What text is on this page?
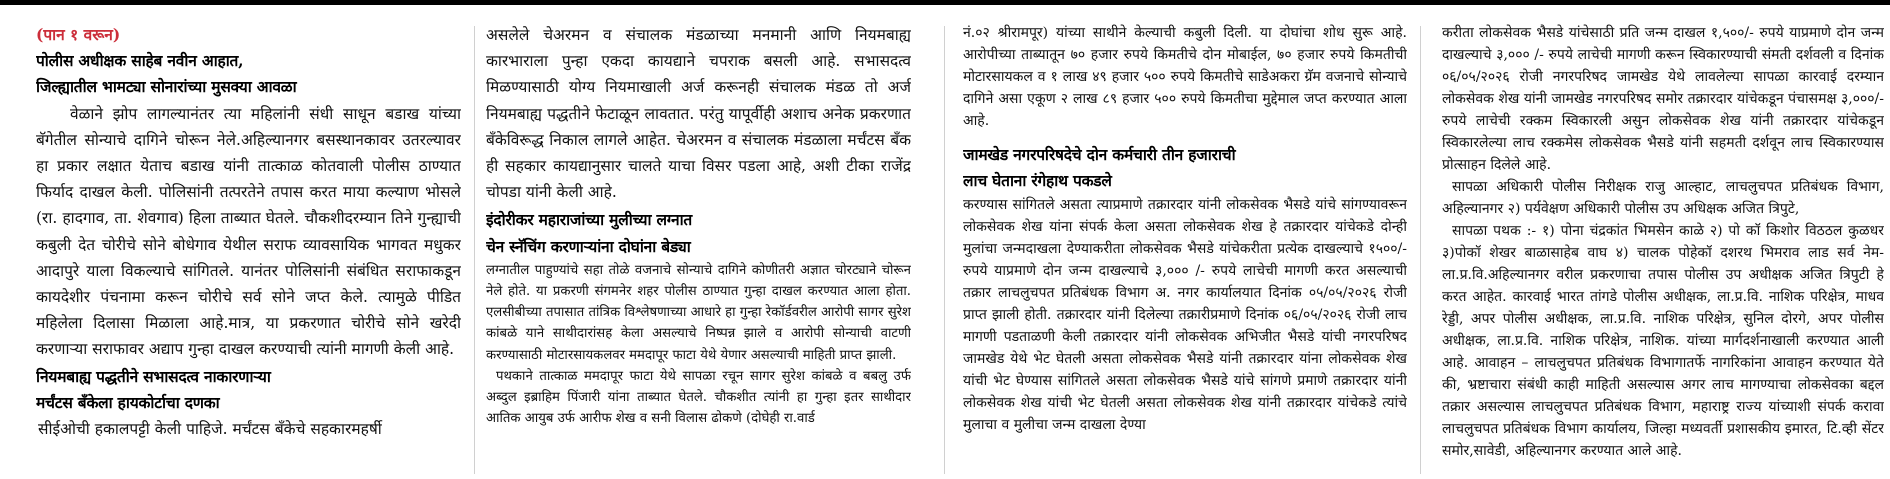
(पान १ वरून)

पोलीस अधीक्षक साहेब नवीन आहात,

जिल्ह्यातील भामट्या सोनारांच्या मुसक्या आवळा

वेळाने झोप लागल्यानंतर त्या महिलांनी संधी साधून बडाख यांच्या बॅगेतील सोन्याचे दागिने चोरून नेले.अहिल्यानगर बसस्थानकावर उतरल्यावर हा प्रकार लक्षात येताच बडाख यांनी तात्काळ कोतवाली पोलीस ठाण्यात फिर्याद दाखल केली. पोलिसांनी तत्परतेने तपास करत माया कल्याण भोसले (रा. हादगाव, ता. शेवगाव) हिला ताब्यात घेतले. चौकशीदरम्यान तिने गुन्ह्याची कबुली देत चोरीचे सोने बोधेगाव येथील सराफ व्यावसायिक भागवत मधुकर आदापुरे याला विकल्याचे सांगितले. यानंतर पोलिसांनी संबंधित सराफाकडून कायदेशीर पंचनामा करून चोरीचे सर्व सोने जप्त केले. त्यामुळे पीडित महिलेला दिलासा मिळाला आहे.मात्र, या प्रकरणात चोरीचे सोने खरेदी करणाऱ्या सराफावर अद्याप गुन्हा दाखल करण्याची त्यांनी मागणी केली आहे.

नियमबाह्य पद्धतीने सभासदत्व नाकारणाऱ्या

मर्चंटस बँकेला हायकोर्टाचा दणका

सीईओची हकालपट्टी केली पाहिजे. मर्चंटस बँकेचे सहकारमहर्षी

असलेले चेअरमन व संचालक मंडळाच्या मनमानी आणि नियमबाह्य कारभाराला पुन्हा एकदा कायद्याने चपराक बसली आहे. सभासदत्व मिळण्यासाठी योग्य नियमाखाली अर्ज करूनही संचालक मंडळ तो अर्ज नियमबाह्य पद्धतीने फेटाळून लावतात. परंतु यापूर्वीही अशाच अनेक प्रकरणात बँकेविरूद्ध निकाल लागले आहेत. चेअरमन व संचालक मंडळाला मर्चंटस बँक ही सहकार कायद्यानुसार चालते याचा विसर पडला आहे, अशी टीका राजेंद्र चोपडा यांनी केली आहे.

इंदोरीकर महाराजांच्या मुलीच्या लग्नात

चेन स्नॅचिंग करणाऱ्यांना दोघांना बेड्या

लग्नातील पाहुण्यांचे सहा तोळे वजनाचे सोन्याचे दागिने कोणीतरी अज्ञात चोरट्याने चोरून नेले होते. या प्रकरणी संगमनेर शहर पोलीस ठाण्यात गुन्हा दाखल करण्यात आला होता. एलसीबीच्या तपासात तांत्रिक विश्लेषणाच्या आधारे हा गुन्हा रेकॉर्डवरील आरोपी सागर सुरेश कांबळे याने साथीदारांसह केला असल्याचे निष्पन्न झाले व आरोपी सोन्याची वाटणी करण्यासाठी मोटारसायकलवर ममदापूर फाटा येथे येणार असल्याची माहिती प्राप्त झाली.

पथकाने तात्काळ ममदापूर फाटा येथे सापळा रचून सागर सुरेश कांबळे व बबलु उर्फ अब्दुल इब्राहिम पिंजारी यांना ताब्यात घेतले. चौकशीत त्यांनी हा गुन्हा इतर साथीदार आतिक आयुब उर्फ आरीफ शेख व सनी विलास ढोकणे (दोघेही रा.वार्ड

नं.०२ श्रीरामपूर) यांच्या साथीने केल्याची कबुली दिली. या दोघांचा शोध सुरू आहे. आरोपीच्या ताब्यातून ७० हजार रुपये किमतीचे दोन मोबाईल, ७० हजार रुपये किमतीची मोटारसायकल व १ लाख ४९ हजार ५०० रुपये किमतीचे साडेअकरा ग्रॅम वजनाचे सोन्याचे दागिने असा एकूण २ लाख ८९ हजार ५०० रुपये किमतीचा मुद्देमाल जप्त करण्यात आला आहे.

जामखेड नगरपरिषदेचे दोन कर्मचारी तीन हजाराची

लाच घेताना रंगेहाथ पकडले

करण्यास सांगितले असता त्याप्रमाणे तक्रारदार यांनी लोकसेवक भैसडे यांचे सांगण्यावरून लोकसेवक शेख यांना संपर्क केला असता लोकसेवक शेख हे तक्रारदार यांचेकडे दोन्ही मुलांचा जन्मदाखला देण्याकरीता लोकसेवक भैसडे यांचेकरीता प्रत्येक दाखल्याचे १५००/- रुपये याप्रमाणे दोन जन्म दाखल्याचे ३,००० /- रुपये लाचेची मागणी करत असल्याची तक्रार लाचलुचपत प्रतिबंधक विभाग अ. नगर कार्यालयात दिनांक ०५/०५/२०२६ रोजी प्राप्त झाली होती. तक्रारदार यांनी दिलेल्या तक्रारीप्रमाणे दिनांक ०६/०५/२०२६ रोजी लाच मागणी पडताळणी केली तक्रारदार यांनी लोकसेवक अभिजीत भैसडे यांची नगरपरिषद जामखेड येथे भेट घेतली असता लोकसेवक भैसडे यांनी तक्रारदार यांना लोकसेवक शेख यांची भेट घेण्यास सांगितले असता लोकसेवक भैसडे यांचे सांगणे प्रमाणे तक्रारदार यांनी लोकसेवक शेख यांची भेट घेतली असता लोकसेवक शेख यांनी तक्रारदार यांचेकडे त्यांचे मुलाचा व मुलीचा जन्म दाखला देण्या

करीता लोकसेवक भैसडे यांचेसाठी प्रति जन्म दाखल १,५००/- रुपये याप्रमाणे दोन जन्म दाखल्याचे ३,००० /- रुपये लाचेची मागणी करून स्विकारण्याची संमती दर्शवली व दिनांक ०६/०५/२०२६ रोजी नगरपरिषद जामखेड येथे लावलेल्या सापळा कारवाई दरम्यान लोकसेवक शेख यांनी जामखेड नगरपरिषद समोर तक्रारदार यांचेकडून पंचासमक्ष ३,०००/- रुपये लाचेची रक्कम स्विकारली असुन लोकसेवक शेख यांनी तक्रारदार यांचेकडून स्विकारलेल्या लाच रक्कमेस लोकसेवक भैसडे यांनी सहमती दर्शवून लाच स्विकारण्यास प्रोत्साहन दिलेले आहे.

सापळा अधिकारी पोलीस निरीक्षक राजु आल्हाट, लाचलुचपत प्रतिबंधक विभाग, अहिल्यानगर २) पर्यवेक्षण अधिकारी पोलीस उप अधिक्षक अजित त्रिपुटे,

सापळा पथक :- १) पोना चंद्रकांत भिमसेन काळे २) पो कॉ किशोर विठठल कुळधर ३)पोकॉ शेखर बाळासाहेब वाघ ४) चालक पोहेकॉ दशरथ भिमराव लाड सर्व नेम- ला.प्र.वि.अहिल्यानगर वरील प्रकरणाचा तपास पोलीस उप अधीक्षक अजित त्रिपुटी हे करत आहेत. कारवाई भारत तांगडे पोलीस अधीक्षक, ला.प्र.वि. नाशिक परिक्षेत्र, माधव रेड्डी, अपर पोलीस अधीक्षक, ला.प्र.वि. नाशिक परिक्षेत्र, सुनिल दोरगे, अपर पोलीस अधीक्षक, ला.प्र.वि. नाशिक परिक्षेत्र, नाशिक. यांच्या मार्गदर्शनाखाली करण्यात आली आहे. आवाहन – लाचलुचपत प्रतिबंधक विभागातर्फे नागरिकांना आवाहन करण्यात येते की, भ्रष्टाचारा संबंधी काही माहिती असल्यास अगर लाच मागण्याचा लोकसेवका बद्दल तक्रार असल्यास लाचलुचपत प्रतिबंधक विभाग, महाराष्ट्र राज्य यांच्याशी संपर्क करावा लाचलुचपत प्रतिबंधक विभाग कार्यालय, जिल्हा मध्यवर्ती प्रशासकीय इमारत, टि.व्ही सेंटर समोर,सावेडी, अहिल्यानगर करण्यात आले आहे.
